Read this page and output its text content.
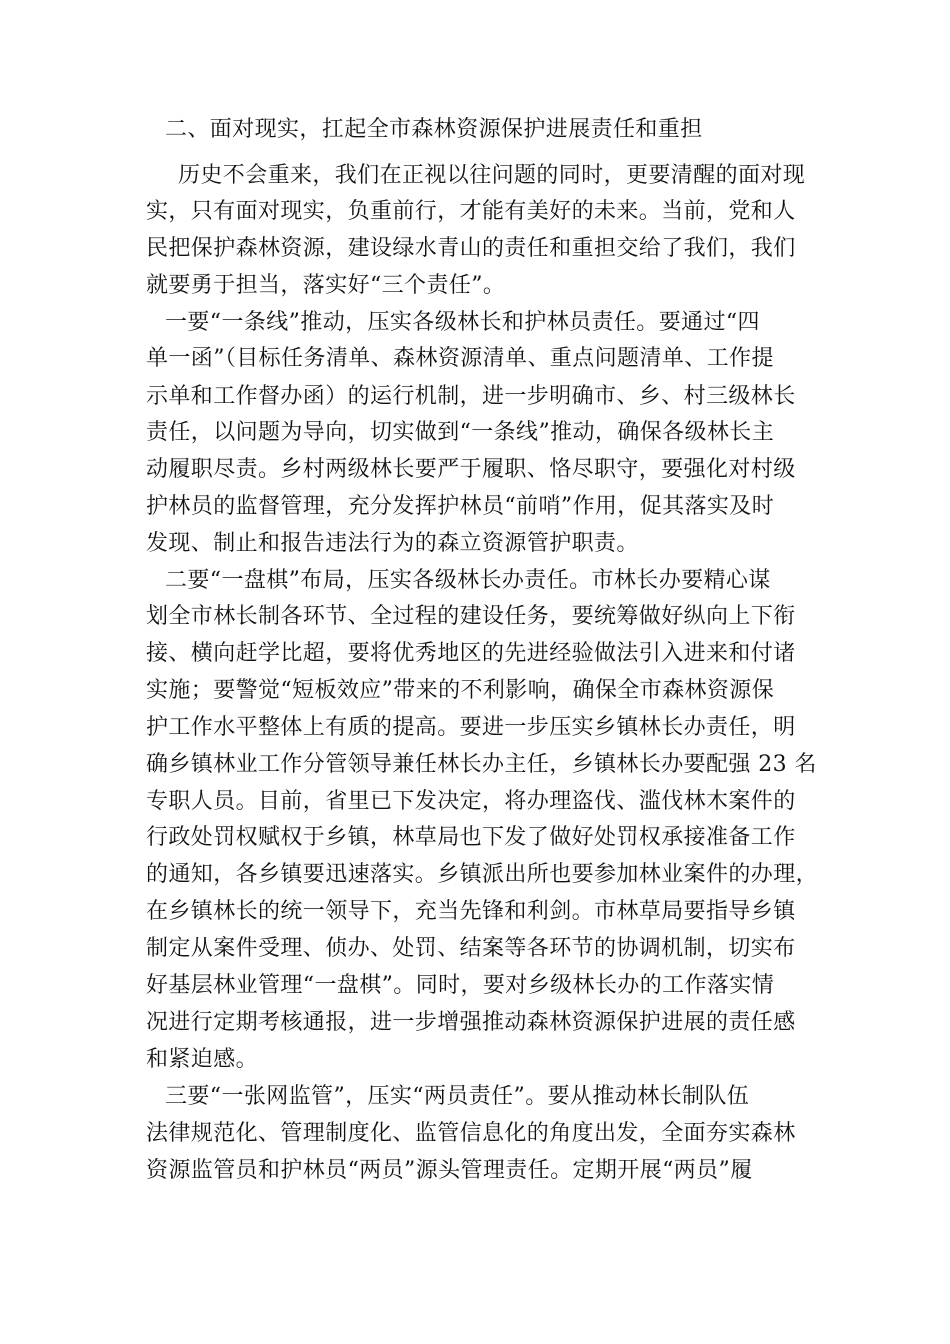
二、面对现实，扛起全市森林资源保护进展责任和重担
历史不会重来，我们在正视以往问题的同时，更要清醒的面对现
实，只有面对现实，负重前行，才能有美好的未来。当前，党和人
民把保护森林资源，建设绿水青山的责任和重担交给了我们，我们
就要勇于担当，落实好“三个责任”。
一要“一条线”推动，压实各级林长和护林员责任。要通过“四
单一函”（目标任务清单、森林资源清单、重点问题清单、工作提
示单和工作督办函）的运行机制，进一步明确市、乡、村三级林长
责任，以问题为导向，切实做到“一条线”推动，确保各级林长主
动履职尽责。乡村两级林长要严于履职、恪尽职守，要强化对村级
护林员的监督管理，充分发挥护林员“前哨”作用，促其落实及时
发现、制止和报告违法行为的森立资源管护职责。
二要“一盘棋”布局，压实各级林长办责任。市林长办要精心谋
划全市林长制各环节、全过程的建设任务，要统筹做好纵向上下衔
接、横向赶学比超，要将优秀地区的先进经验做法引入进来和付诸
实施；要警觉“短板效应”带来的不利影响，确保全市森林资源保
护工作水平整体上有质的提高。要进一步压实乡镇林长办责任，明
确乡镇林业工作分管领导兼任林长办主任，乡镇林长办要配强 23 名
专职人员。目前，省里已下发决定，将办理盗伐、滥伐林木案件的
行政处罚权赋权于乡镇，林草局也下发了做好处罚权承接准备工作
的通知，各乡镇要迅速落实。乡镇派出所也要参加林业案件的办理，
在乡镇林长的统一领导下，充当先锋和利剑。市林草局要指导乡镇
制定从案件受理、侦办、处罚、结案等各环节的协调机制，切实布
好基层林业管理“一盘棋”。同时，要对乡级林长办的工作落实情
况进行定期考核通报，进一步增强推动森林资源保护进展的责任感
和紧迫感。
三要“一张网监管”，压实“两员责任”。要从推动林长制队伍
法律规范化、管理制度化、监管信息化的角度出发，全面夯实森林
资源监管员和护林员“两员”源头管理责任。定期开展“两员”履
